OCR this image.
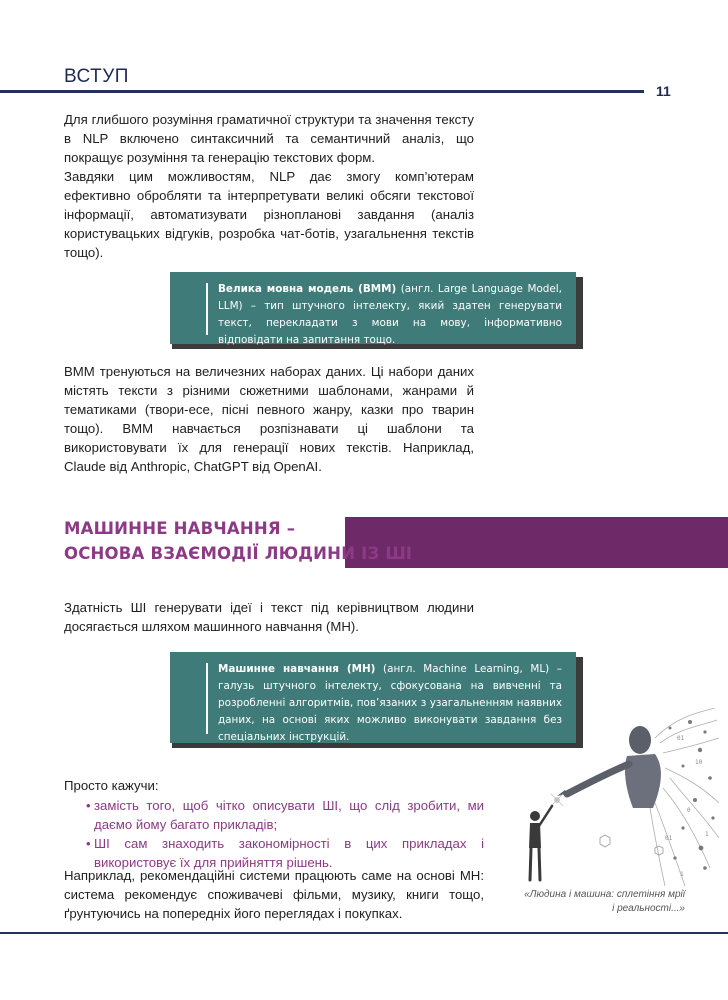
ВСТУП
11

Для глибшого розуміння граматичної структури та значення тексту в NLP включено синтаксичний та семантичний аналіз, що покращує розуміння та генерацію текстових форм.

Завдяки цим можливостям, NLP дає змогу комп’ютерам ефективно обробляти та інтерпретувати великі обсяги текстової інформації, автоматизувати різнопланові завдання (аналіз користувацьких відгуків, розробка чат-ботів, узагальнення текстів тощо).

Велика мовна модель (ВММ) (англ. Large Language Model, LLM) – тип штучного інтелекту, який здатен генерувати текст, перекладати з мови на мову, інформативно відповідати на запитання тощо.

ВММ тренуються на величезних наборах даних. Ці набори даних містять тексти з різними сюжетними шаблонами, жанрами й тематиками (твори-есе, пісні певного жанру, казки про тварин тощо). ВММ навчається розпізнавати ці шаблони та використовувати їх для генерації нових текстів. Наприклад, Claude від Anthropic, ChatGPT від OpenAI.

МАШИННЕ НАВЧАННЯ –
ОСНОВА ВЗАЄМОДІЇ ЛЮДИНИ ІЗ ШІ

Здатність ШІ генерувати ідеї і текст під керівництвом людини досягається шляхом машинного навчання (МН).

Машинне навчання (МН) (англ. Machine Learning, ML) – галузь штучного інтелекту, сфокусована на вивченні та розробленні алгоритмів, пов’язаних з узагальненням наявних даних, на основі яких можливо виконувати завдання без спеціальних інструкцій.	01
10
0
1
01
1
«Людина і машина: сплетіння мрії і реальності...»
Просто кажучи:
• замість того, щоб чітко описувати ШІ, що слід зробити, ми даємо йому багато прикладів;
• ШІ сам знаходить закономірності в цих прикладах і використовує їх для прийняття рішень.

Наприклад, рекомендаційні системи працюють саме на основі МН: система рекомендує споживачеві фільми, музику, книги тощо, ґрунтуючись на попередніх його переглядах і покупках.
